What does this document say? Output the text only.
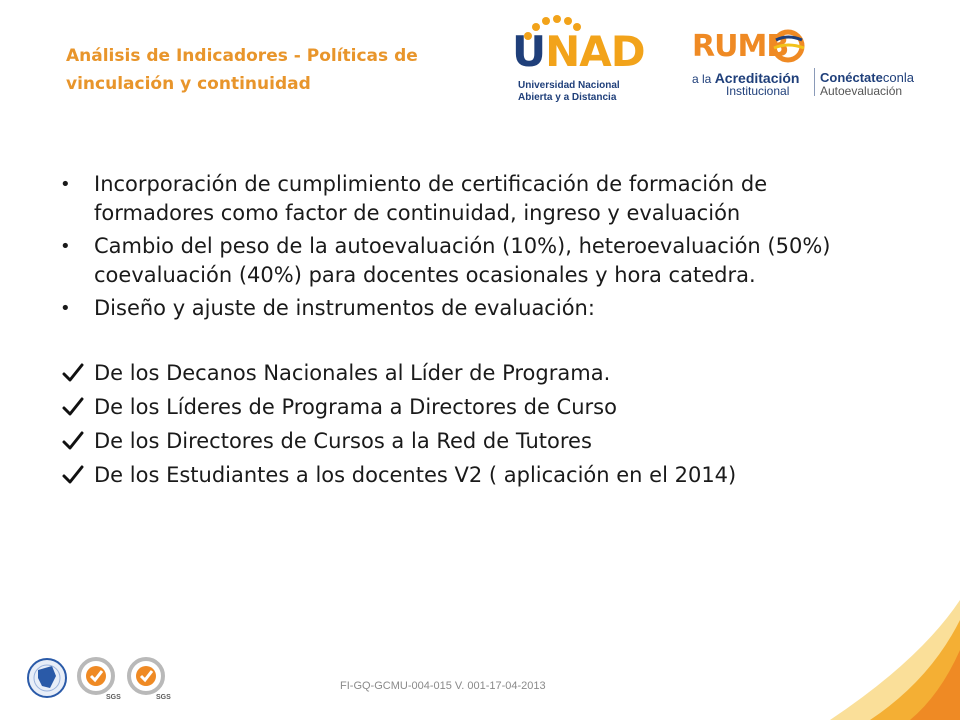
Análisis de Indicadores - Políticas de vinculación y continuidad
UNAD
Universidad Nacional
Abierta y a Distancia
RUMB
a la Acreditación
Institucional
Conéctateconla
Autoevaluación
•	Incorporación de cumplimiento de certificación de formación de formadores como factor de continuidad, ingreso y evaluación
•	Cambio del peso de la autoevaluación (10%), heteroevaluación (50%) coevaluación (40%) para docentes ocasionales y hora catedra.
•	Diseño y ajuste de instrumentos de evaluación:
De los Decanos Nacionales al Líder de Programa.
De los Líderes de Programa a Directores de Curso
De los Directores de Cursos a la Red de Tutores
De los Estudiantes a los docentes V2 ( aplicación en el 2014)
SGS	SGS
FI-GQ-GCMU-004-015 V. 001-17-04-2013
